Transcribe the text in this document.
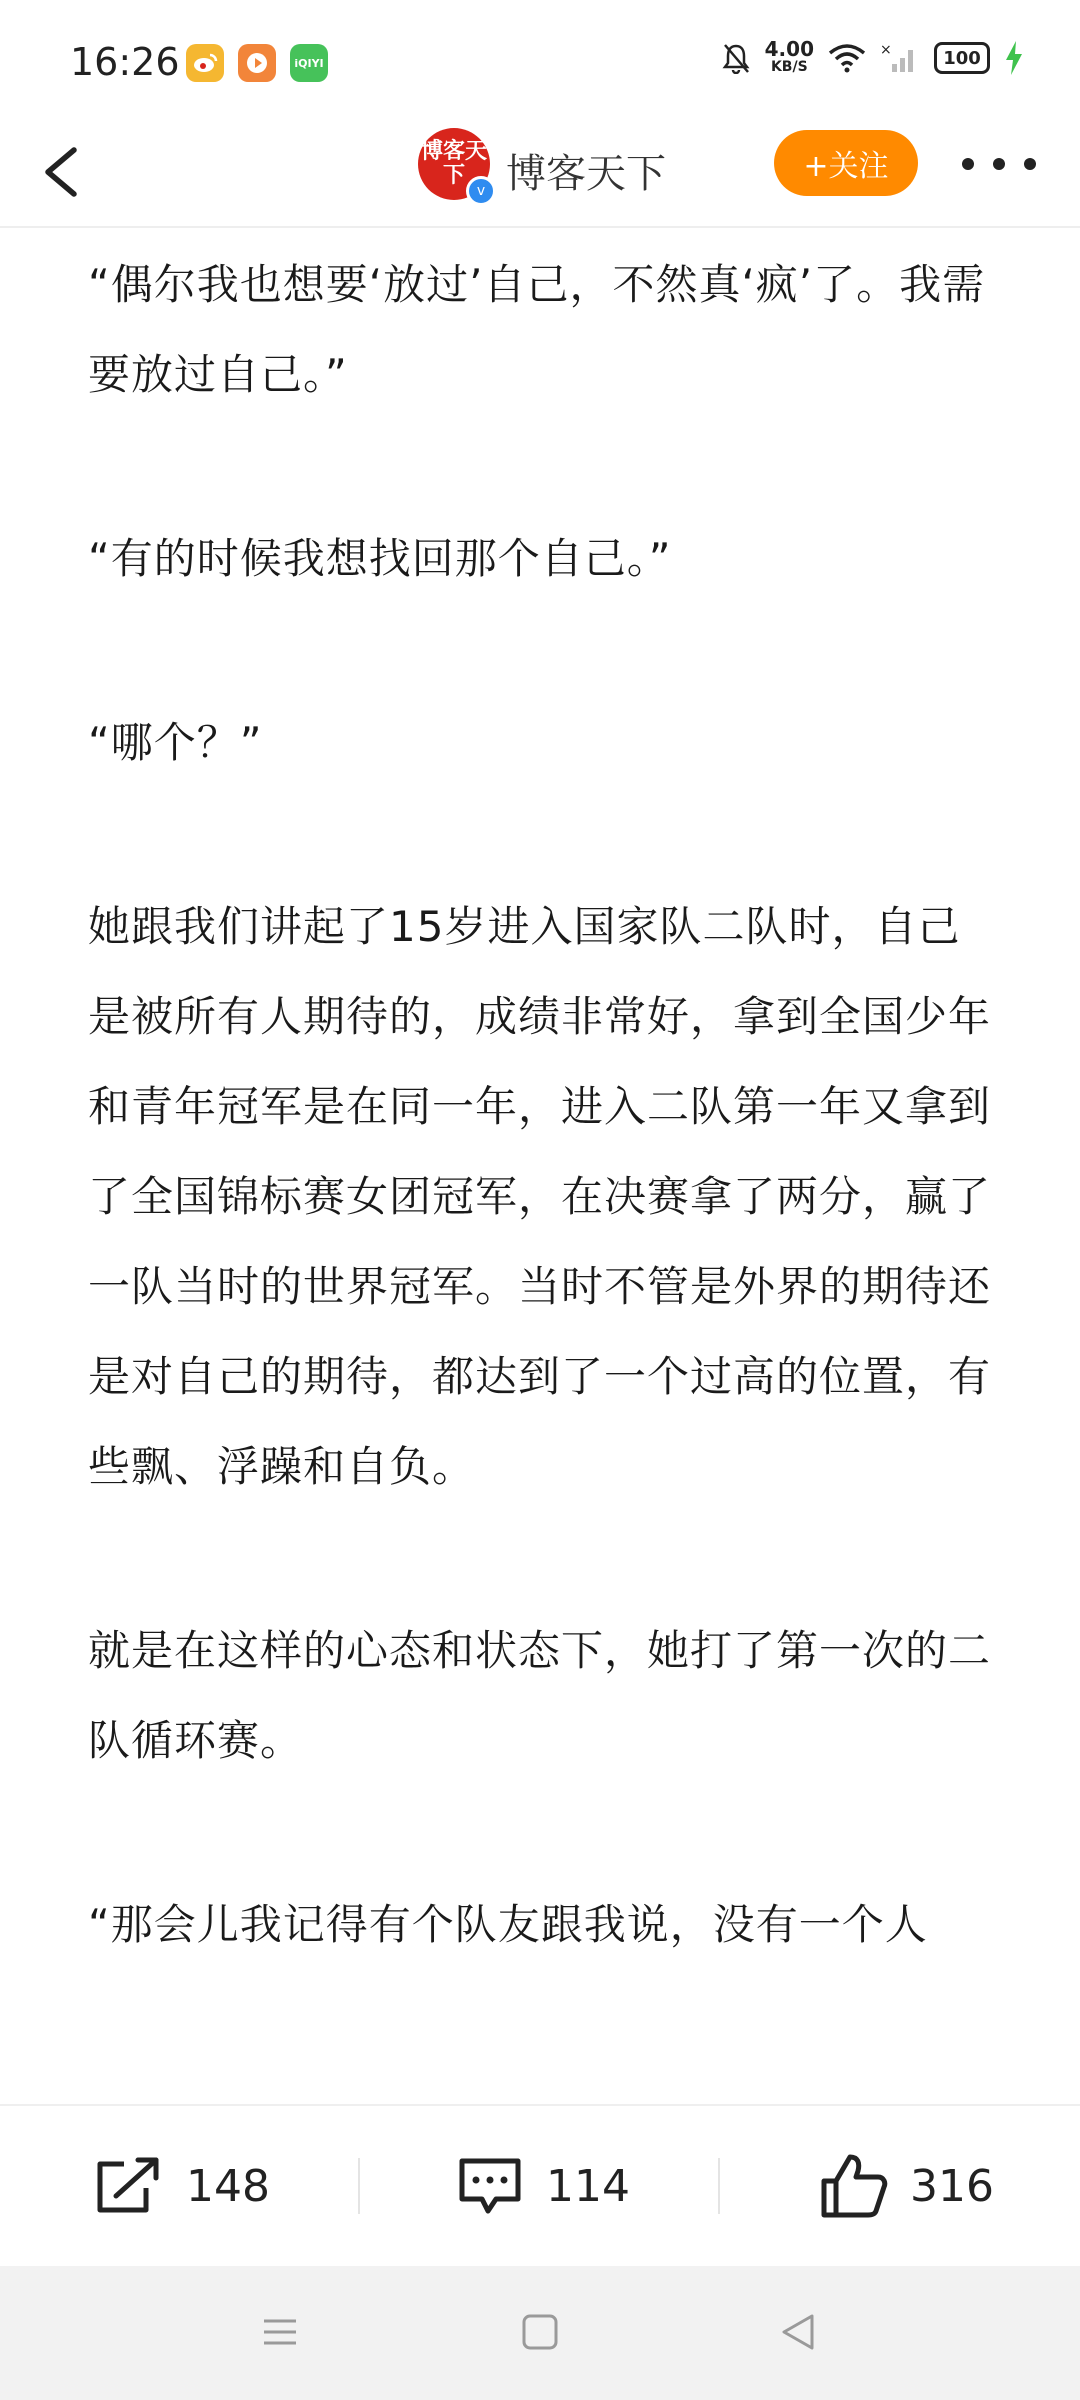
16:26	iQIYI
4.00
KB/S
×	100
博客天下
v 博客天下	+关注

“偶尔我也想要‘放过’自己，不然真‘疯’了。我需要放过自己。”

“有的时候我想找回那个自己。”

“哪个？”

她跟我们讲起了15岁进入国家队二队时，自己是被所有人期待的，成绩非常好，拿到全国少年和青年冠军是在同一年，进入二队第一年又拿到了全国锦标赛女团冠军，在决赛拿了两分，赢了一队当时的世界冠军。当时不管是外界的期待还是对自己的期待，都达到了一个过高的位置，有些飘、浮躁和自负。

就是在这样的心态和状态下，她打了第一次的二队循环赛。

“那会儿我记得有个队友跟我说，没有一个人

148	114	316
